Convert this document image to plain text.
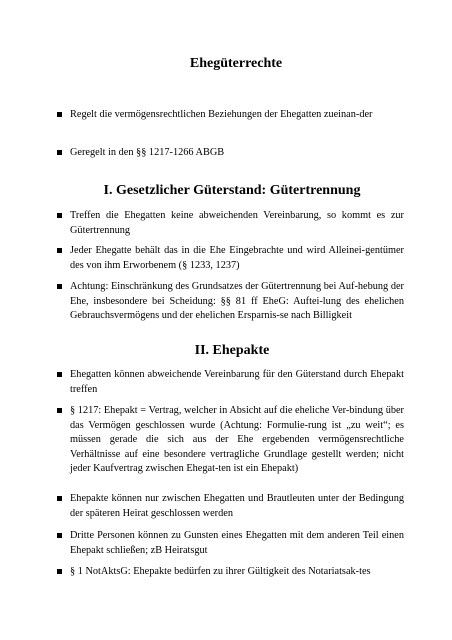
Ehegüterrechte
Regelt die vermögensrechtlichen Beziehungen der Ehegatten zueinan-der
Geregelt in den §§ 1217-1266 ABGB
I. Gesetzlicher Güterstand: Gütertrennung
Treffen die Ehegatten keine abweichenden Vereinbarung, so kommt es zur Gütertrennung
Jeder Ehegatte behält das in die Ehe Eingebrachte und wird Alleinei-gentümer des von ihm Erworbenem (§ 1233, 1237)
Achtung: Einschränkung des Grundsatzes der Gütertrennung bei Auf-hebung der Ehe, insbesondere bei Scheidung: §§ 81 ff EheG: Auftei-lung des ehelichen Gebrauchsvermögens und der ehelichen Ersparnis-se nach Billigkeit
II. Ehepakte
Ehegatten können abweichende Vereinbarung für den Güterstand durch Ehepakt treffen
§ 1217: Ehepakt = Vertrag, welcher in Absicht auf die eheliche Ver-bindung über das Vermögen geschlossen wurde (Achtung: Formulie-rung ist „zu weit“; es müssen gerade die sich aus der Ehe ergebenden vermögensrechtliche Verhältnisse auf eine besondere vertragliche Grundlage gestellt werden; nicht jeder Kaufvertrag zwischen Ehegat-ten ist ein Ehepakt)
Ehepakte können nur zwischen Ehegatten und Brautleuten unter der Bedingung der späteren Heirat geschlossen werden
Dritte Personen können zu Gunsten eines Ehegatten mit dem anderen Teil einen Ehepakt schließen; zB Heiratsgut
§ 1 NotAktsG: Ehepakte bedürfen zu ihrer Gültigkeit des Notariatsak-tes
